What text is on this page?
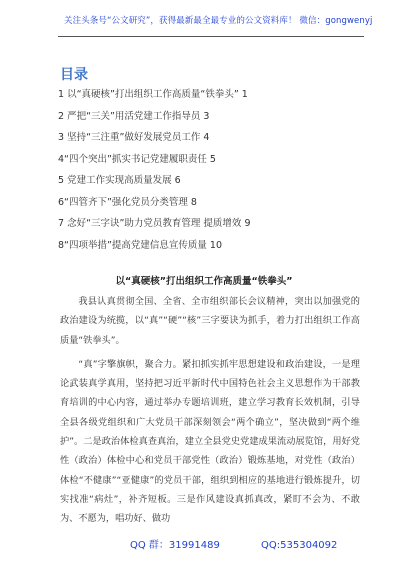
关注头条号“公文研究”，获得最新最全最专业的公文资料库！ 微信：gongwenyj
目录
1 以“真硬核”打出组织工作高质量“铁拳头” 1
2 严把“三关”用活党建工作指导员 3
3 坚持“三注重”做好发展党员工作 4
4“四个突出”抓实书记党建履职责任 5
5 党建工作实现高质量发展 6
6“四管齐下”强化党员分类管理 8
7 念好“三字诀”助力党员教育管理 提质增效 9
8“四项举措”提高党建信息宣传质量 10
以“真硬核”打出组织工作高质量“铁拳头”

我县认真贯彻全国、全省、全市组织部长会议精神，突出以加强党的政治建设为统揽，以“真”“硬”“核”三字要诀为抓手，着力打出组织工作高质量“铁拳头”。

“真”字擎旗帜，聚合力。紧扣抓实抓牢思想建设和政治建设，一是理论武装真学真用，坚持把习近平新时代中国特色社会主义思想作为干部教育培训的中心内容，通过举办专题培训班，建立学习教育长效机制，引导全县各级党组织和广大党员干部深刻领会“两个确立”，坚决做到“两个维护”。二是政治体检真查真治，建立全县党史党建成果流动展览馆，用好党性（政治）体检中心和党员干部党性（政治）锻炼基地，对党性（政治）体检“不健康”“亚健康”的党员干部，组织到相应的基地进行锻炼提升，切实找准“病灶”，补齐短板。三是作风建设真抓真改，紧盯不会为、不敢为、不愿为，唱功好、做功

QQ 群：31991489	QQ:535304092
